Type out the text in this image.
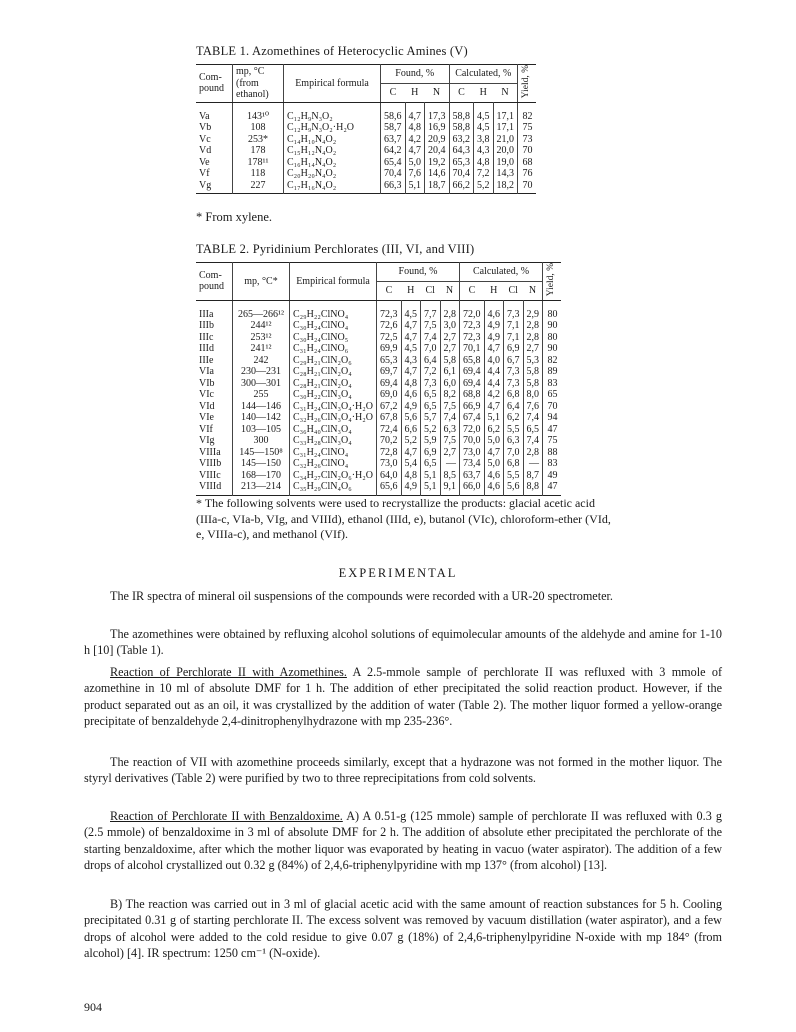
TABLE 1. Azomethines of Heterocyclic Amines (V)
Com-
pound	mp, °C
(from
ethanol)	Empirical formula	Found, %			Calculated, %			Yield, %
			C	H	N	C	H	N	
Va	143¹⁰	C₁₂H₉N₃O₂	58,6	4,7	17,3	58,8	4,5	17,1	82
Vb	108	C₁₂H₉N₃O₂·H₂O	58,7	4,8	16,9	58,8	4,5	17,1	75
Vc	253*	C₁₄H₁₀N₄O₂	63,7	4,2	20,9	63,2	3,8	21,0	73
Vd	178	C₁₅H₁₂N₄O₂	64,2	4,7	20,4	64,3	4,3	20,0	70
Ve	178¹¹	C₁₆H₁₄N₄O₂	65,4	5,0	19,2	65,3	4,8	19,0	68
Vf	118	C₂₀H₂₀N₄O₂	70,4	7,6	14,6	70,4	7,2	14,3	76
Vg	227	C₁₇H₁₆N₄O₂	66,3	5,1	18,7	66,2	5,2	18,2	70
* From xylene.
TABLE 2. Pyridinium Perchlorates (III, VI, and VIII)
Com-
pound	mp, °C*	Empirical formula	Found, %				Calculated, %				Yield, %
			C	H	Cl	N	C	H	Cl	N	
IIIa	265—266¹²	C₂₉H₂₂ClNO₄	72,3	4,5	7,7	2,8	72,0	4,6	7,3	2,9	80
IIIb	244¹²	C₃₀H₂₄ClNO₄	72,6	4,7	7,5	3,0	72,3	4,9	7,1	2,8	90
IIIc	253¹²	C₃₀H₂₄ClNO₅	72,5	4,7	7,4	2,7	72,3	4,9	7,1	2,8	80
IIId	241¹²	C₃₁H₂₄ClNO₆	69,9	4,5	7,0	2,7	70,1	4,7	6,9	2,7	90
IIIe	242	C₂₉H₂₁ClN₂O₆	65,3	4,3	6,4	5,8	65,8	4,0	6,7	5,3	82
VIa	230—231	C₂₈H₂₁ClN₂O₄	69,7	4,7	7,2	6,1	69,4	4,4	7,3	5,8	89
VIb	300—301	C₂₈H₂₁ClN₂O₄	69,4	4,8	7,3	6,0	69,4	4,4	7,3	5,8	83
VIc	255	C₃₀H₂₂ClN₃O₄	69,0	4,6	6,5	8,2	68,8	4,2	6,8	8,0	65
VId	144—146	C₃₁H₂₄ClN₃O₄·H₂O	67,2	4,9	6,5	7,5	66,9	4,7	6,4	7,6	70
VIe	140—142	C₃₂H₂₆ClN₃O₄·H₂O	67,8	5,6	5,7	7,4	67,4	5,1	6,2	7,4	94
VIf	103—105	C₃₆H₄₀ClN₃O₄	72,4	6,6	5,2	6,3	72,0	6,2	5,5	6,5	47
VIg	300	C₃₃H₂₈ClN₃O₄	70,2	5,2	5,9	7,5	70,0	5,0	6,3	7,4	75
VIIIa	145—150⁸	C₃₁H₂₄ClNO₄	72,8	4,7	6,9	2,7	73,0	4,7	7,0	2,8	88
VIIIb	145—150	C₃₂H₂₆ClNO₄	73,0	5,4	6,5	—	73,4	5,0	6,8	—	83
VIIIc	168—170	C₃₄H₂₇ClN₂O₆·H₂O	64,0	4,8	5,1	8,5	63,7	4,6	5,5	8,7	49
VIIId	213—214	C₃₅H₂₉ClN₄O₆	65,6	4,9	5,1	9,1	66,0	4,6	5,6	8,8	47
* The following solvents were used to recrystallize the products: glacial acetic acid (IIIa-c, VIa-b, VIg, and VIIId), ethanol (IIId, e), butanol (VIc), chloroform-ether (VId, e, VIIIa-c), and methanol (VIf).
EXPERIMENTAL
The IR spectra of mineral oil suspensions of the compounds were recorded with a UR-20 spectrometer.
The azomethines were obtained by refluxing alcohol solutions of equimolecular amounts of the aldehyde and amine for 1-10 h [10] (Table 1).
Reaction of Perchlorate II with Azomethines. A 2.5-mmole sample of perchlorate II was refluxed with 3 mmole of azomethine in 10 ml of absolute DMF for 1 h. The addition of ether precipitated the solid reaction product. However, if the product separated out as an oil, it was crystallized by the addition of water (Table 2). The mother liquor formed a yellow-orange precipitate of benzaldehyde 2,4-dinitrophenylhydrazone with mp 235-236°.
The reaction of VII with azomethine proceeds similarly, except that a hydrazone was not formed in the mother liquor. The styryl derivatives (Table 2) were purified by two to three reprecipitations from cold solvents.
Reaction of Perchlorate II with Benzaldoxime. A) A 0.51-g (125 mmole) sample of perchlorate II was refluxed with 0.3 g (2.5 mmole) of benzaldoxime in 3 ml of absolute DMF for 2 h. The addition of absolute ether precipitated the perchlorate of the starting benzaldoxime, after which the mother liquor was evaporated by heating in vacuo (water aspirator). The addition of a few drops of alcohol crystallized out 0.32 g (84%) of 2,4,6-triphenylpyridine with mp 137° (from alcohol) [13].
B) The reaction was carried out in 3 ml of glacial acetic acid with the same amount of reaction substances for 5 h. Cooling precipitated 0.31 g of starting perchlorate II. The excess solvent was removed by vacuum distillation (water aspirator), and a few drops of alcohol were added to the cold residue to give 0.07 g (18%) of 2,4,6-triphenylpyridine N-oxide with mp 184° (from alcohol) [4]. IR spectrum: 1250 cm⁻¹ (N-oxide).
904
